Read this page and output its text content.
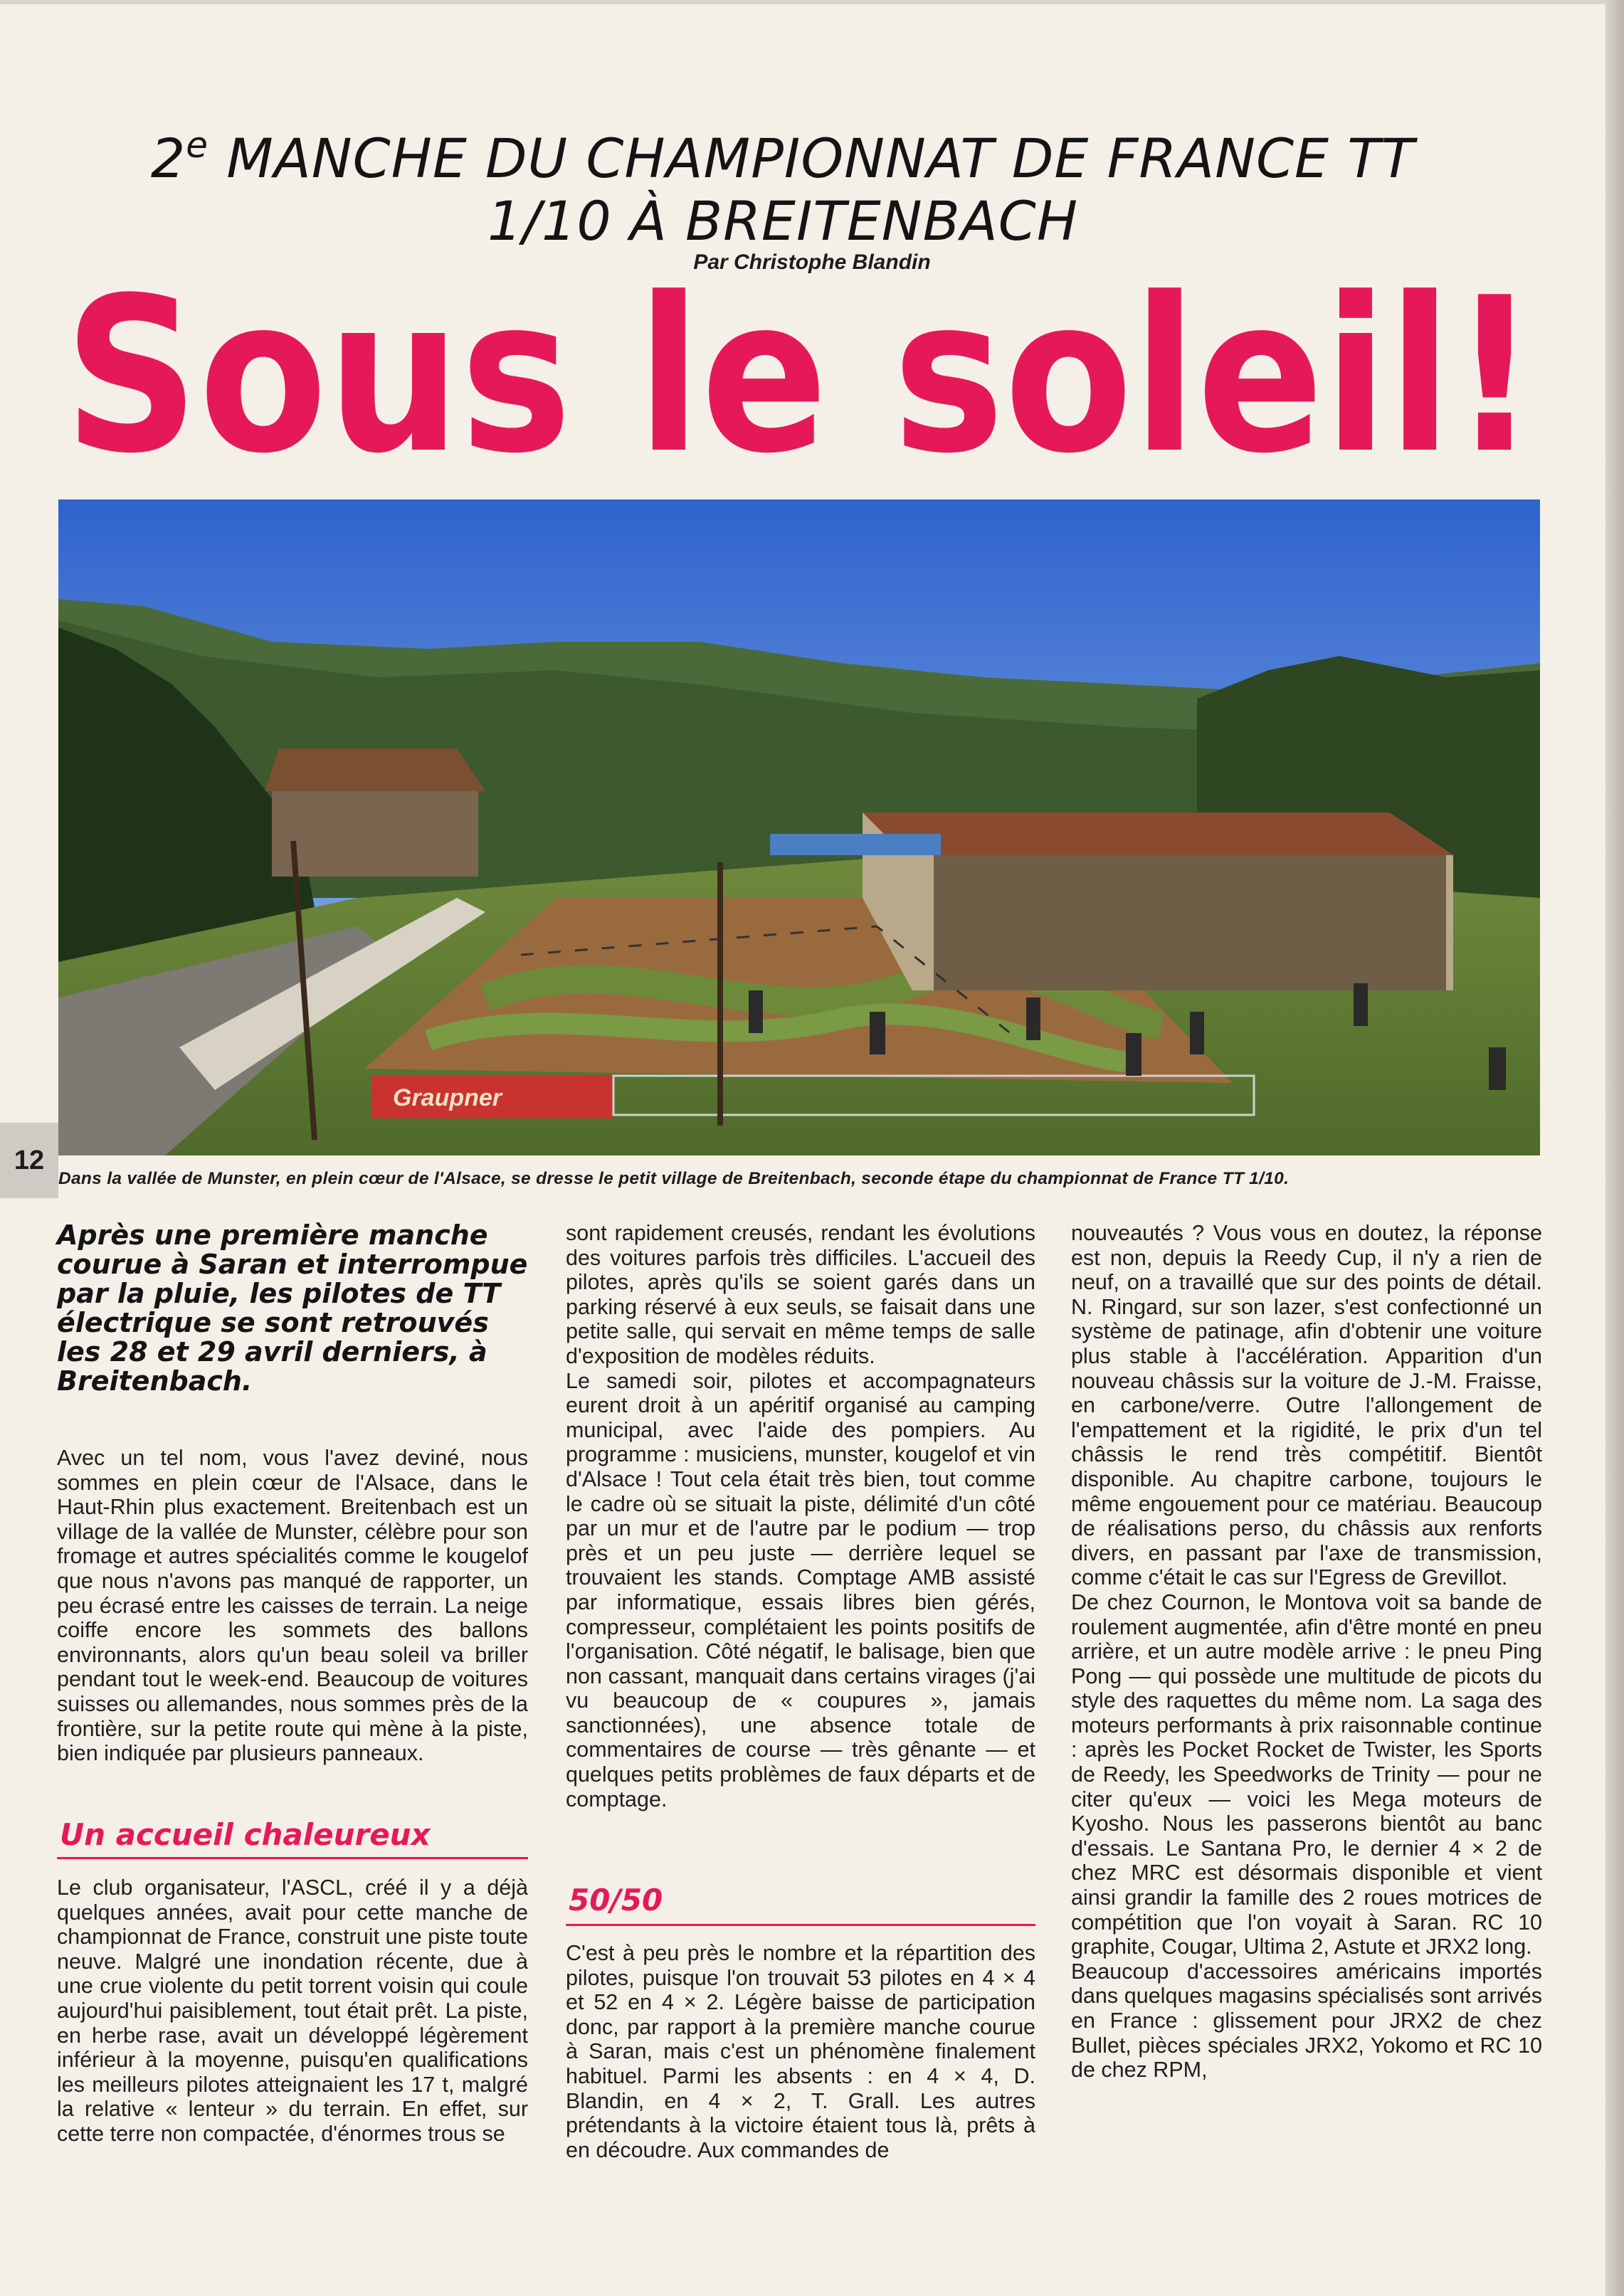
2e MANCHE DU CHAMPIONNAT DE FRANCE TT
1/10 À BREITENBACH
Par Christophe Blandin
Sous le soleil!
Graupner
12
Dans la vallée de Munster, en plein cœur de l'Alsace, se dresse le petit village de Breitenbach, seconde étape du championnat de France TT 1/10.
Après une première manche courue à Saran et interrompue par la pluie, les pilotes de TT électrique se sont retrouvés les 28 et 29 avril derniers, à Breitenbach.

Avec un tel nom, vous l'avez deviné, nous sommes en plein cœur de l'Alsace, dans le Haut-Rhin plus exactement. Breitenbach est un village de la vallée de Munster, célèbre pour son fromage et autres spécialités comme le kougelof que nous n'avons pas manqué de rapporter, un peu écrasé entre les caisses de terrain. La neige coiffe encore les sommets des ballons environnants, alors qu'un beau soleil va briller pendant tout le week-end. Beaucoup de voitures suisses ou allemandes, nous sommes près de la frontière, sur la petite route qui mène à la piste, bien indiquée par plusieurs panneaux.

Un accueil chaleureux

Le club organisateur, l'ASCL, créé il y a déjà quelques années, avait pour cette manche de championnat de France, construit une piste toute neuve. Malgré une inondation récente, due à une crue violente du petit torrent voisin qui coule aujourd'hui paisiblement, tout était prêt. La piste, en herbe rase, avait un développé légèrement inférieur à la moyenne, puisqu'en qualifications les meilleurs pilotes atteignaient les 17 t, malgré la relative « lenteur » du terrain. En effet, sur cette terre non compactée, d'énormes trous se

sont rapidement creusés, rendant les évolutions des voitures parfois très difficiles. L'accueil des pilotes, après qu'ils se soient garés dans un parking réservé à eux seuls, se faisait dans une petite salle, qui servait en même temps de salle d'exposition de modèles réduits.

Le samedi soir, pilotes et accompagnateurs eurent droit à un apéritif organisé au camping municipal, avec l'aide des pompiers. Au programme : musiciens, munster, kougelof et vin d'Alsace ! Tout cela était très bien, tout comme le cadre où se situait la piste, délimité d'un côté par un mur et de l'autre par le podium — trop près et un peu juste — derrière lequel se trouvaient les stands. Comptage AMB assisté par informatique, essais libres bien gérés, compresseur, complétaient les points positifs de l'organisation. Côté négatif, le balisage, bien que non cassant, manquait dans certains virages (j'ai vu beaucoup de « coupures », jamais sanctionnées), une absence totale de commentaires de course — très gênante — et quelques petits problèmes de faux départs et de comptage.

50/50

C'est à peu près le nombre et la répartition des pilotes, puisque l'on trouvait 53 pilotes en 4 × 4 et 52 en 4 × 2. Légère baisse de participation donc, par rapport à la première manche courue à Saran, mais c'est un phénomène finalement habituel. Parmi les absents : en 4 × 4, D. Blandin, en 4 × 2, T. Grall. Les autres prétendants à la victoire étaient tous là, prêts à en découdre. Aux commandes de

nouveautés ? Vous vous en doutez, la réponse est non, depuis la Reedy Cup, il n'y a rien de neuf, on a travaillé que sur des points de détail. N. Ringard, sur son lazer, s'est confectionné un système de patinage, afin d'obtenir une voiture plus stable à l'accélération. Apparition d'un nouveau châssis sur la voiture de J.-M. Fraisse, en carbone/verre. Outre l'allongement de l'empattement et la rigidité, le prix d'un tel châssis le rend très compétitif. Bientôt disponible. Au chapitre carbone, toujours le même engouement pour ce matériau. Beaucoup de réalisations perso, du châssis aux renforts divers, en passant par l'axe de transmission, comme c'était le cas sur l'Egress de Grevillot.

De chez Cournon, le Montova voit sa bande de roulement augmentée, afin d'être monté en pneu arrière, et un autre modèle arrive : le pneu Ping Pong — qui possède une multitude de picots du style des raquettes du même nom. La saga des moteurs performants à prix raisonnable continue : après les Pocket Rocket de Twister, les Sports de Reedy, les Speedworks de Trinity — pour ne citer qu'eux — voici les Mega moteurs de Kyosho. Nous les passerons bientôt au banc d'essais. Le Santana Pro, le dernier 4 × 2 de chez MRC est désormais disponible et vient ainsi grandir la famille des 2 roues motrices de compétition que l'on voyait à Saran. RC 10 graphite, Cougar, Ultima 2, Astute et JRX2 long.

Beaucoup d'accessoires américains importés dans quelques magasins spécialisés sont arrivés en France : glissement pour JRX2 de chez Bullet, pièces spéciales JRX2, Yokomo et RC 10 de chez RPM,
